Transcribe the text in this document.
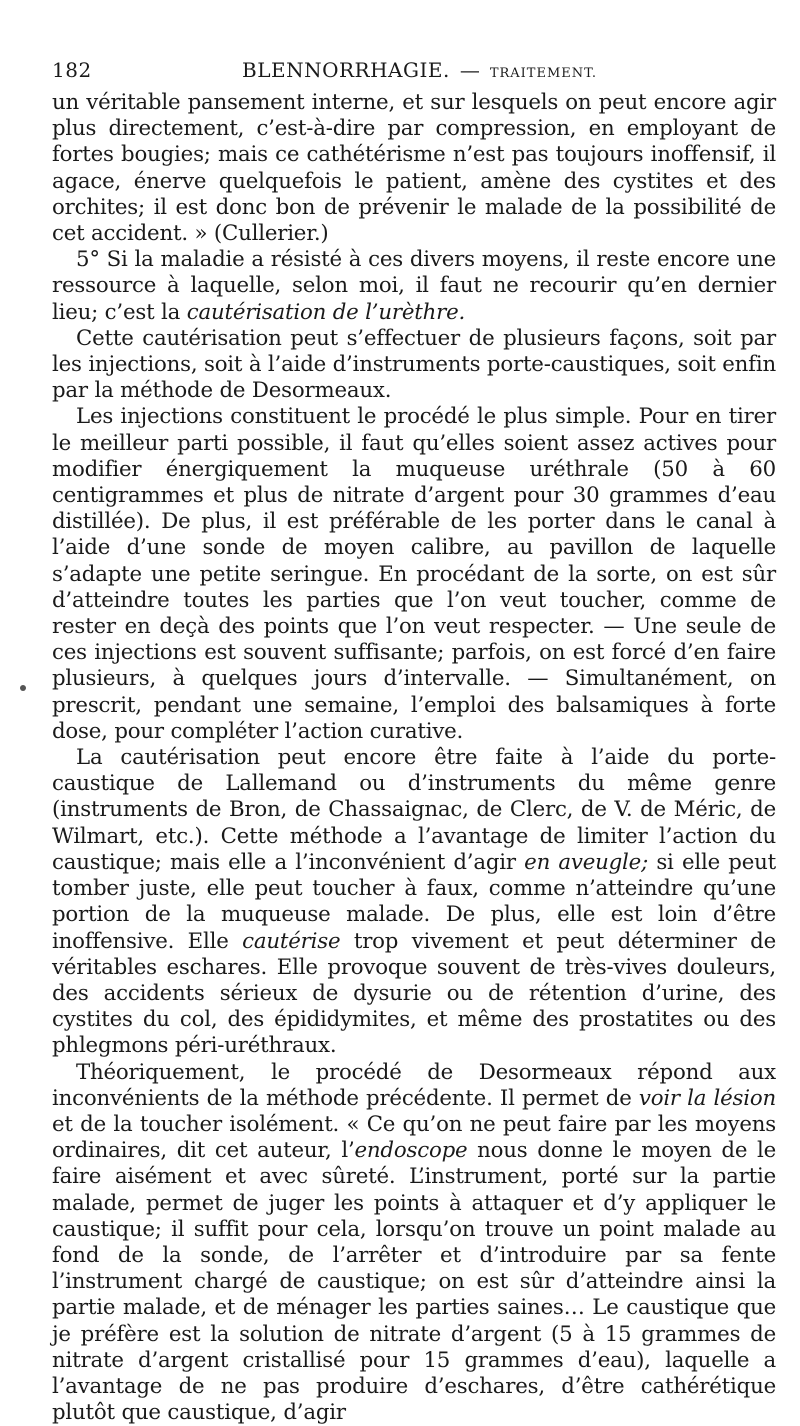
182	BLENNORRHAGIE. — TRAITEMENT.

un véritable pansement interne, et sur lesquels on peut encore agir plus directement, c’est-à-dire par compression, en employant de fortes bougies; mais ce cathétérisme n’est pas toujours inoffensif, il agace, énerve quelquefois le patient, amène des cystites et des orchites; il est donc bon de prévenir le malade de la possibilité de cet accident. » (Cullerier.)

5° Si la maladie a résisté à ces divers moyens, il reste encore une ressource à laquelle, selon moi, il faut ne recourir qu’en dernier lieu; c’est la cautérisation de l’urèthre.

Cette cautérisation peut s’effectuer de plusieurs façons, soit par les injections, soit à l’aide d’instruments porte-caustiques, soit enfin par la méthode de Desormeaux.

Les injections constituent le procédé le plus simple. Pour en tirer le meilleur parti possible, il faut qu’elles soient assez actives pour modifier énergiquement la muqueuse uréthrale (50 à 60 centigrammes et plus de nitrate d’argent pour 30 grammes d’eau distillée). De plus, il est préférable de les porter dans le canal à l’aide d’une sonde de moyen calibre, au pavillon de laquelle s’adapte une petite seringue. En procédant de la sorte, on est sûr d’atteindre toutes les parties que l’on veut toucher, comme de rester en deçà des points que l’on veut respecter. — Une seule de ces injections est souvent suffisante; parfois, on est forcé d’en faire plusieurs, à quelques jours d’intervalle. — Simultanément, on prescrit, pendant une semaine, l’emploi des balsamiques à forte dose, pour compléter l’action curative.

La cautérisation peut encore être faite à l’aide du porte-caustique de Lallemand ou d’instruments du même genre (instruments de Bron, de Chassaignac, de Clerc, de V. de Méric, de Wilmart, etc.). Cette méthode a l’avantage de limiter l’action du caustique; mais elle a l’inconvénient d’agir en aveugle; si elle peut tomber juste, elle peut toucher à faux, comme n’atteindre qu’une portion de la muqueuse malade. De plus, elle est loin d’être inoffensive. Elle cautérise trop vivement et peut déterminer de véritables eschares. Elle provoque souvent de très-vives douleurs, des accidents sérieux de dysurie ou de rétention d’urine, des cystites du col, des épididymites, et même des prostatites ou des phlegmons péri-uréthraux.

Théoriquement, le procédé de Desormeaux répond aux inconvénients de la méthode précédente. Il permet de voir la lésion et de la toucher isolément. « Ce qu’on ne peut faire par les moyens ordinaires, dit cet auteur, l’endoscope nous donne le moyen de le faire aisément et avec sûreté. L’instrument, porté sur la partie malade, permet de juger les points à attaquer et d’y appliquer le caustique; il suffit pour cela, lorsqu’on trouve un point malade au fond de la sonde, de l’arrêter et d’introduire par sa fente l’instrument chargé de caustique; on est sûr d’atteindre ainsi la partie malade, et de ménager les parties saines… Le caustique que je préfère est la solution de nitrate d’argent (5 à 15 grammes de nitrate d’argent cristallisé pour 15 grammes d’eau), laquelle a l’avantage de ne pas produire d’eschares, d’être cathérétique plutôt que caustique, d’agir
